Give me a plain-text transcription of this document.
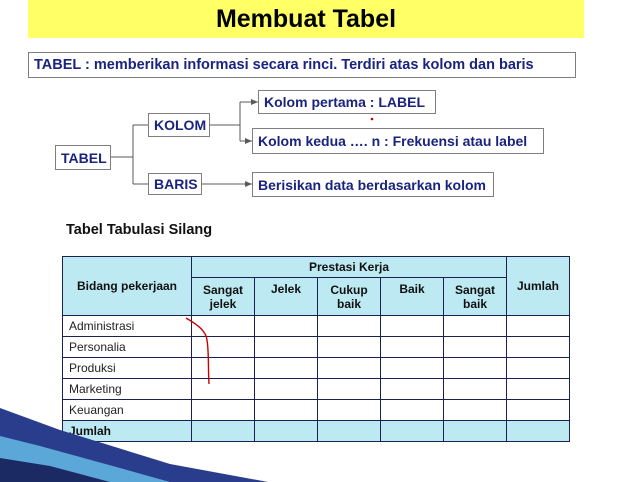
Membuat Tabel
TABEL : memberikan informasi secara rinci. Terdiri atas kolom dan baris
TABEL
KOLOM
BARIS
Kolom pertama : LABEL
Kolom kedua …. n : Frekuensi atau label
Berisikan data berdasarkan kolom
Tabel Tabulasi Silang
Bidang pekerjaan	Prestasi Kerja					Jumlah
	Sangat jelek	Jelek	Cukup baik	Baik	Sangat baik	
Administrasi						
Personalia						
Produksi						
Marketing						
Keuangan						
Jumlah						
